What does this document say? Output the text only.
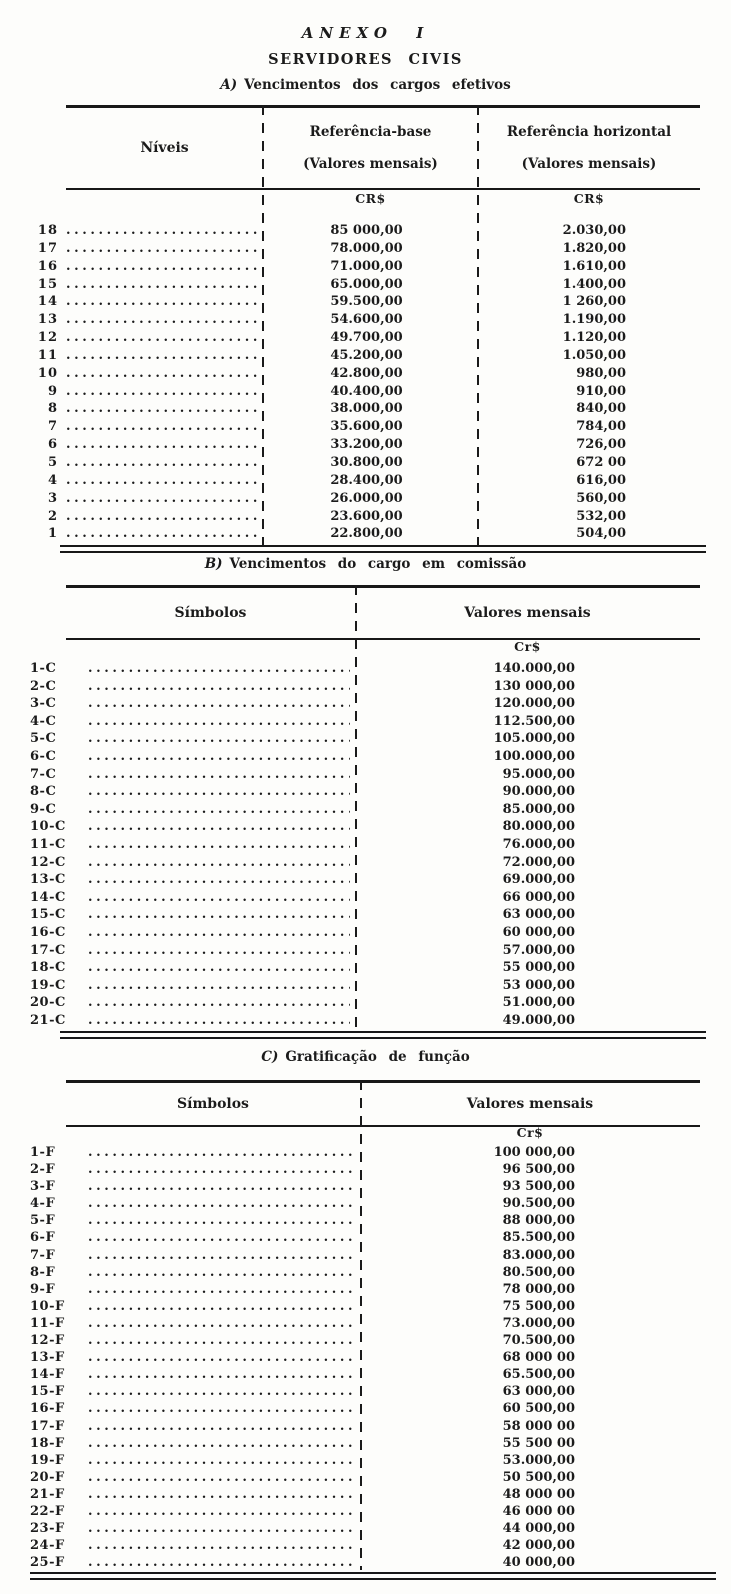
ANEXO I
SERVIDORES CIVIS
A) Vencimentos dos cargos efetivos
Níveis
Referência-base
(Valores mensais)
Referência horizontal
(Valores mensais)
CR$	CR$
18 .....	85 000,00	2.030,00
17 .....	78.000,00	1.820,00
16 .....	71.000,00	1.610,00
15 .....	65.000,00	1.400,00
14 .....	59.500,00	1 260,00
13 .....	54.600,00	1.190,00
12 .....	49.700,00	1.120,00
11 .....	45.200,00	1.050,00
10 .....	42.800,00	980,00
9 .....	40.400,00	910,00
8 .....	38.000,00	840,00
7 .....	35.600,00	784,00
6 .....	33.200,00	726,00
5 .....	30.800,00	672 00
4 .....	28.400,00	616,00
3 .....	26.000,00	560,00
2 .....	23.600,00	532,00
1 .....	22.800,00	504,00
B) Vencimentos do cargo em comissão
Símbolos	Valores mensais
Cr$
1-C .....	140.000,00
2-C .....	130 000,00
3-C .....	120.000,00
4-C .....	112.500,00
5-C .....	105.000,00
6-C .....	100.000,00
7-C .....	95.000,00
8-C .....	90.000,00
9-C .....	85.000,00
10-C .....	80.000,00
11-C .....	76.000,00
12-C .....	72.000,00
13-C .....	69.000,00
14-C .....	66 000,00
15-C .....	63 000,00
16-C .....	60 000,00
17-C .....	57.000,00
18-C .....	55 000,00
19-C .....	53 000,00
20-C .....	51.000,00
21-C .....	49.000,00
C) Gratificação de função
Símbolos	Valores mensais
Cr$
1-F .....	100 000,00
2-F .....	96 500,00
3-F .....	93 500,00
4-F .....	90.500,00
5-F .....	88 000,00
6-F .....	85.500,00
7-F .....	83.000,00
8-F .....	80.500,00
9-F .....	78 000,00
10-F .....	75 500,00
11-F .....	73.000,00
12-F .....	70.500,00
13-F .....	68 000 00
14-F .....	65.500,00
15-F .....	63 000,00
16-F .....	60 500,00
17-F .....	58 000 00
18-F .....	55 500 00
19-F .....	53.000,00
20-F .....	50 500,00
21-F .....	48 000 00
22-F .....	46 000 00
23-F .....	44 000,00
24-F .....	42 000,00
25-F .....	40 000,00
